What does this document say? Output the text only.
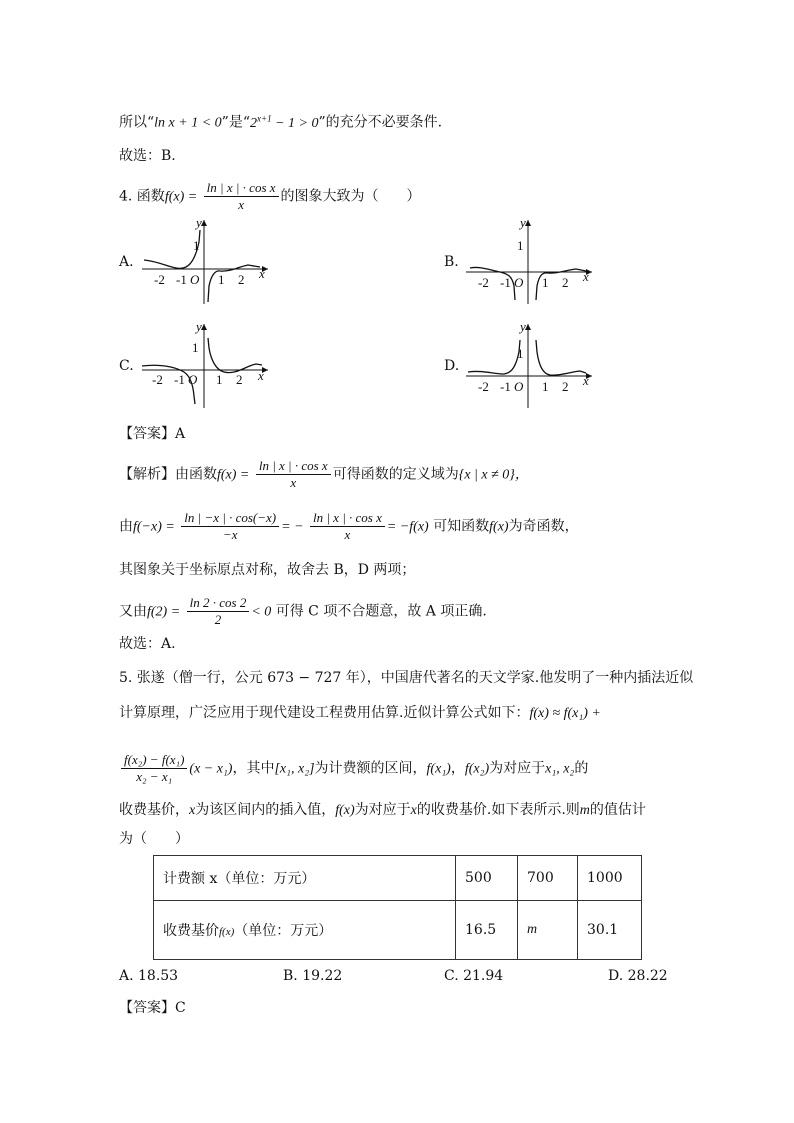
所以“ln x + 1 < 0”是“$2^{x+1} - 1 > 0$”的充分不必要条件.
故选：B.
4. 函数$f(x) = \frac{\text{ln | x | · cos x}}{x}$ 的图象大致为（　　）
A.	B.
C.	D.
y
1
-2 -1 O 1 2 x
y
1
-2 -1 O 1 2 x
y
1
-2 -1 O 1 2 x
y
1
-2 -1 O 1 2 x
【答案】A
【解析】由函数$f(x) = \frac{\text{ln | x | · cos x}}{x}$ 可得函数的定义域为{x | x ≠ 0}，
由$f(-x) = \frac{\ln | -x | \cdot \cos(-x)}{-x}$ = − $\frac{\text{ln | x | · cos x}}{x} = -f(x)$ 可知函数f(x)为奇函数，
其图象关于坐标原点对称，故舍去 B，D 两项；
又由$f(2) = \frac{\ln 2 \cdot \cos 2}{2} < 0$ 可得 C 项不合题意，故 A 项正确.
故选：A.
5. 张遂（僧一行，公元 673 − 727 年），中国唐代著名的天文学家.他发明了一种内插法近似
计算原理，广泛应用于现代建设工程费用估算.近似计算公式如下：f(x) ≈ f(x₁) +
$\frac{\text{f(x₂) − f(x₁)}}{\text{x₂ − x₁}} (x - x_1)$，其中[x₁, x₂]为计费额的区间，f(x₁)，f(x₂)为对应于x₁, x₂的
收费基价，x为该区间内的插入值，f(x)为对应于x的收费基价.如下表所示.则m的值估计
为（　　）
计费额 x（单位：万元）	500	700	1000
收费基价f(x)（单位：万元）	16.5	m	30.1
A. 18.53	B. 19.22	C. 21.94	D. 28.22
【答案】C
